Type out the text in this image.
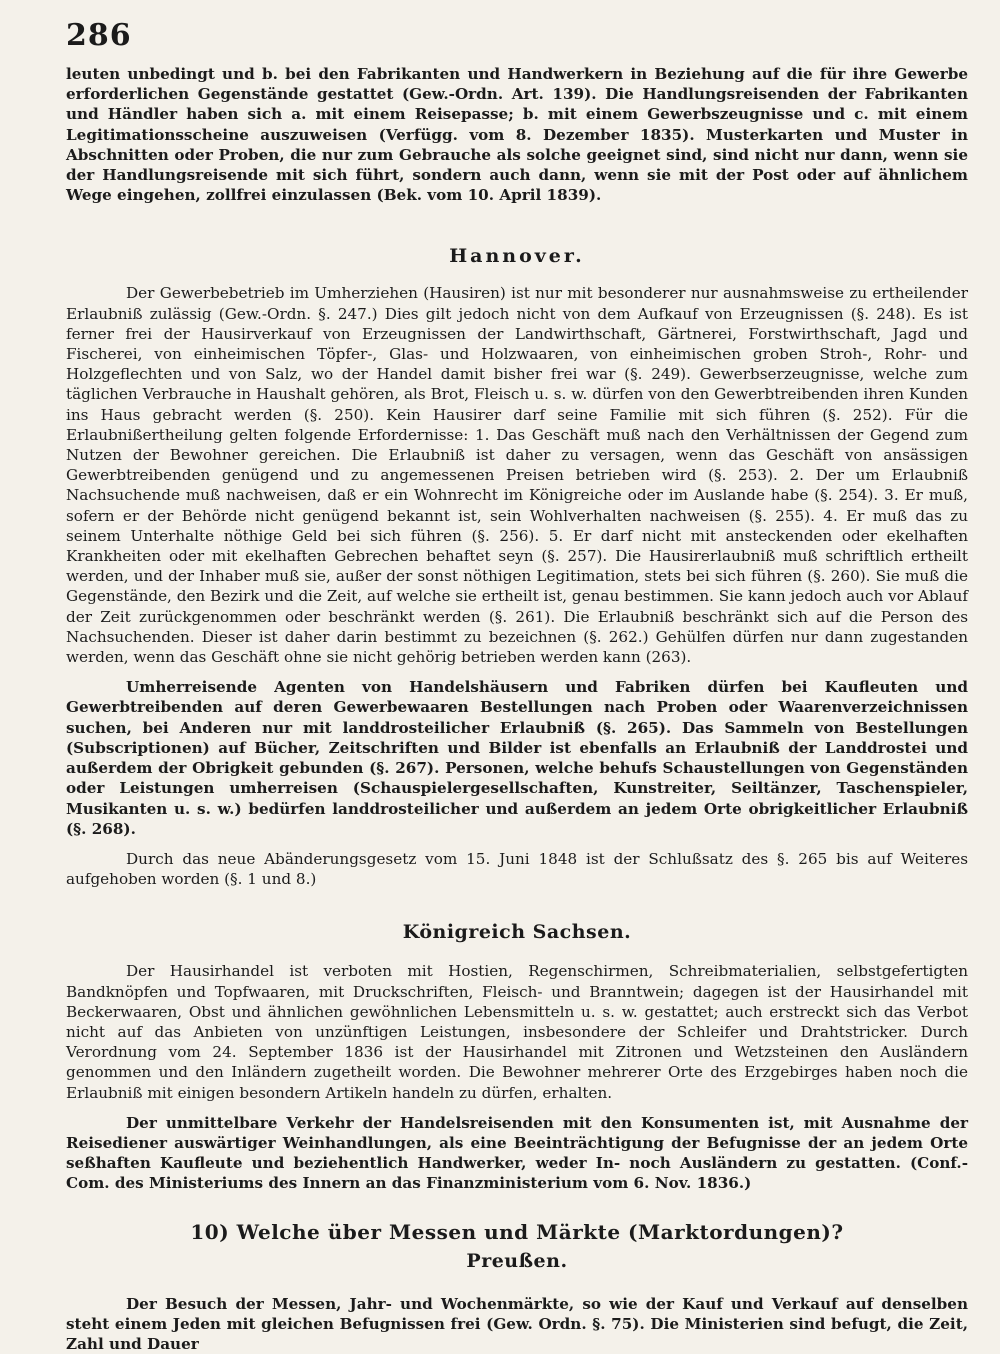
286

leuten unbedingt und b. bei den Fabrikanten und Handwerkern in Beziehung auf die für ihre Gewerbe erforderlichen Gegenstände gestattet (Gew.-Ordn. Art. 139). Die Handlungsreisenden der Fabrikanten und Händler haben sich a. mit einem Reisepasse; b. mit einem Gewerbszeugnisse und c. mit einem Legitimationsscheine auszuweisen (Verfügg. vom 8. Dezember 1835). Musterkarten und Muster in Abschnitten oder Proben, die nur zum Gebrauche als solche geeignet sind, sind nicht nur dann, wenn sie der Handlungsreisende mit sich führt, sondern auch dann, wenn sie mit der Post oder auf ähnlichem Wege eingehen, zollfrei einzulassen (Bek. vom 10. April 1839).

Hannover.

Der Gewerbebetrieb im Umherziehen (Hausiren) ist nur mit besonderer nur ausnahmsweise zu ertheilender Erlaubniß zulässig (Gew.-Ordn. §. 247.) Dies gilt jedoch nicht von dem Aufkauf von Erzeugnissen (§. 248). Es ist ferner frei der Hausirverkauf von Erzeugnissen der Landwirthschaft, Gärtnerei, Forstwirthschaft, Jagd und Fischerei, von einheimischen Töpfer-, Glas- und Holzwaaren, von einheimischen groben Stroh-, Rohr- und Holzgeflechten und von Salz, wo der Handel damit bisher frei war (§. 249). Gewerbserzeugnisse, welche zum täglichen Verbrauche in Haushalt gehören, als Brot, Fleisch u. s. w. dürfen von den Gewerbtreibenden ihren Kunden ins Haus gebracht werden (§. 250). Kein Hausirer darf seine Familie mit sich führen (§. 252). Für die Erlaubnißertheilung gelten folgende Erfordernisse: 1. Das Geschäft muß nach den Verhältnissen der Gegend zum Nutzen der Bewohner gereichen. Die Erlaubniß ist daher zu versagen, wenn das Geschäft von ansässigen Gewerbtreibenden genügend und zu angemessenen Preisen betrieben wird (§. 253). 2. Der um Erlaubniß Nachsuchende muß nachweisen, daß er ein Wohnrecht im Königreiche oder im Auslande habe (§. 254). 3. Er muß, sofern er der Behörde nicht genügend bekannt ist, sein Wohlverhalten nachweisen (§. 255). 4. Er muß das zu seinem Unterhalte nöthige Geld bei sich führen (§. 256). 5. Er darf nicht mit ansteckenden oder ekelhaften Krankheiten oder mit ekelhaften Gebrechen behaftet seyn (§. 257). Die Hausirerlaubniß muß schriftlich ertheilt werden, und der Inhaber muß sie, außer der sonst nöthigen Legitimation, stets bei sich führen (§. 260). Sie muß die Gegenstände, den Bezirk und die Zeit, auf welche sie ertheilt ist, genau bestimmen. Sie kann jedoch auch vor Ablauf der Zeit zurückgenommen oder beschränkt werden (§. 261). Die Erlaubniß beschränkt sich auf die Person des Nachsuchenden. Dieser ist daher darin bestimmt zu bezeichnen (§. 262.) Gehülfen dürfen nur dann zugestanden werden, wenn das Geschäft ohne sie nicht gehörig betrieben werden kann (263).

Umherreisende Agenten von Handelshäusern und Fabriken dürfen bei Kaufleuten und Gewerbtreibenden auf deren Gewerbewaaren Bestellungen nach Proben oder Waarenverzeichnissen suchen, bei Anderen nur mit landdrosteilicher Erlaubniß (§. 265). Das Sammeln von Bestellungen (Subscriptionen) auf Bücher, Zeitschriften und Bilder ist ebenfalls an Erlaubniß der Landdrostei und außerdem der Obrigkeit gebunden (§. 267). Personen, welche behufs Schaustellungen von Gegenständen oder Leistungen umherreisen (Schauspielergesellschaften, Kunstreiter, Seiltänzer, Taschenspieler, Musikanten u. s. w.) bedürfen landdrosteilicher und außerdem an jedem Orte obrigkeitlicher Erlaubniß (§. 268).

Durch das neue Abänderungsgesetz vom 15. Juni 1848 ist der Schlußsatz des §. 265 bis auf Weiteres aufgehoben worden (§. 1 und 8.)

Königreich Sachsen.

Der Hausirhandel ist verboten mit Hostien, Regenschirmen, Schreibmaterialien, selbstgefertigten Bandknöpfen und Topfwaaren, mit Druckschriften, Fleisch- und Branntwein; dagegen ist der Hausirhandel mit Beckerwaaren, Obst und ähnlichen gewöhnlichen Lebensmitteln u. s. w. gestattet; auch erstreckt sich das Verbot nicht auf das Anbieten von unzünftigen Leistungen, insbesondere der Schleifer und Drahtstricker. Durch Verordnung vom 24. September 1836 ist der Hausirhandel mit Zitronen und Wetzsteinen den Ausländern genommen und den Inländern zugetheilt worden. Die Bewohner mehrerer Orte des Erzgebirges haben noch die Erlaubniß mit einigen besondern Artikeln handeln zu dürfen, erhalten.

Der unmittelbare Verkehr der Handelsreisenden mit den Konsumenten ist, mit Ausnahme der Reisediener auswärtiger Weinhandlungen, als eine Beeinträchtigung der Befugnisse der an jedem Orte seßhaften Kaufleute und beziehentlich Handwerker, weder In- noch Ausländern zu gestatten. (Conf.-Com. des Ministeriums des Innern an das Finanzministerium vom 6. Nov. 1836.)

10) Welche über Messen und Märkte (Marktordungen)?
Preußen.

Der Besuch der Messen, Jahr- und Wochenmärkte, so wie der Kauf und Verkauf auf denselben steht einem Jeden mit gleichen Befugnissen frei (Gew. Ordn. §. 75). Die Ministerien sind befugt, die Zeit, Zahl und Dauer
